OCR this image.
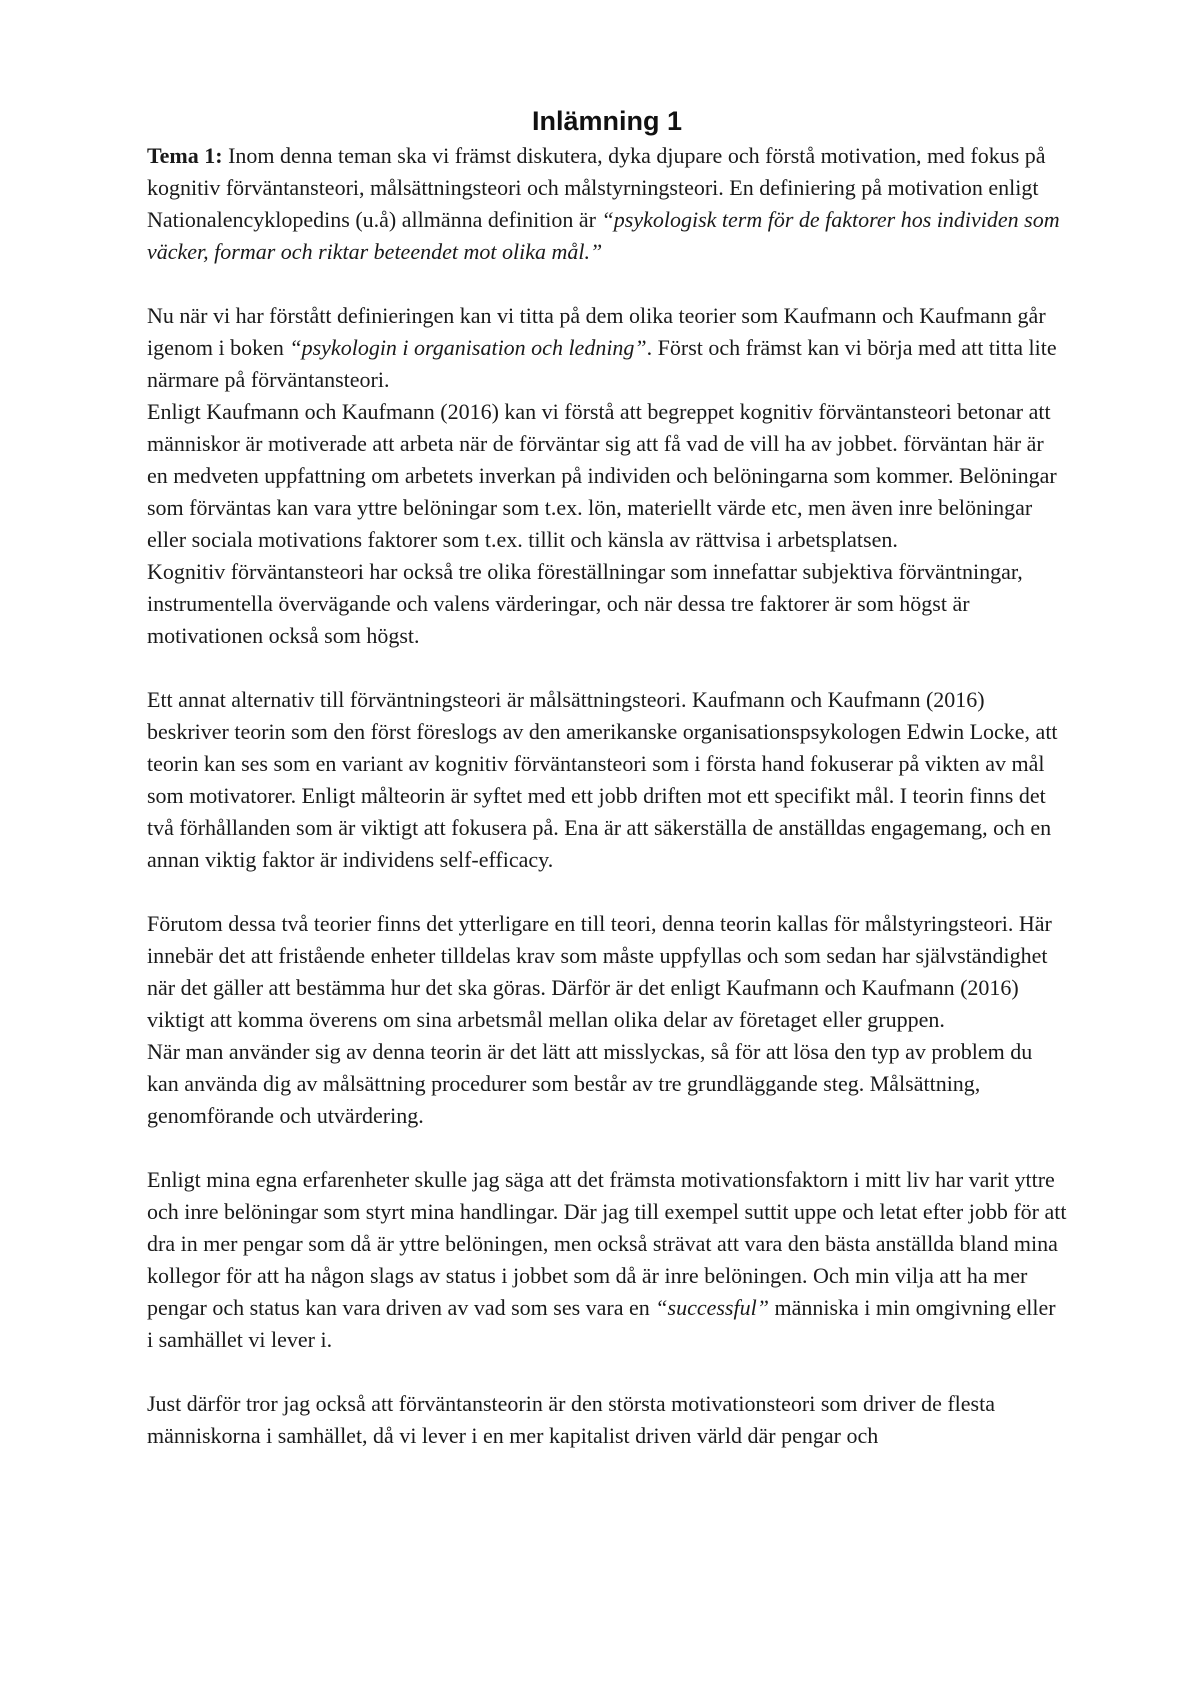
Inlämning 1

Tema 1: Inom denna teman ska vi främst diskutera, dyka djupare och förstå motivation, med fokus på kognitiv förväntansteori, målsättningsteori och målstyrningsteori. En definiering på motivation enligt Nationalencyklopedins (u.å) allmänna definition är “psykologisk term för de faktorer hos individen som väcker, formar och riktar beteendet mot olika mål.”

Nu när vi har förstått definieringen kan vi titta på dem olika teorier som Kaufmann och Kaufmann går igenom i boken “psykologin i organisation och ledning”. Först och främst kan vi börja med att titta lite närmare på förväntansteori.

Enligt Kaufmann och Kaufmann (2016) kan vi förstå att begreppet kognitiv förväntansteori betonar att människor är motiverade att arbeta när de förväntar sig att få vad de vill ha av jobbet. förväntan här är en medveten uppfattning om arbetets inverkan på individen och belöningarna som kommer. Belöningar som förväntas kan vara yttre belöningar som t.ex. lön, materiellt värde etc, men även inre belöningar eller sociala motivations faktorer som t.ex. tillit och känsla av rättvisa i arbetsplatsen.

Kognitiv förväntansteori har också tre olika föreställningar som innefattar subjektiva förväntningar, instrumentella övervägande och valens värderingar, och när dessa tre faktorer är som högst är motivationen också som högst.

Ett annat alternativ till förväntningsteori är målsättningsteori. Kaufmann och Kaufmann (2016) beskriver teorin som den först föreslogs av den amerikanske organisationspsykologen Edwin Locke, att teorin kan ses som en variant av kognitiv förväntansteori som i första hand fokuserar på vikten av mål som motivatorer. Enligt målteorin är syftet med ett jobb driften mot ett specifikt mål. I teorin finns det två förhållanden som är viktigt att fokusera på. Ena är att säkerställa de anställdas engagemang, och en annan viktig faktor är individens self-efficacy.

Förutom dessa två teorier finns det ytterligare en till teori, denna teorin kallas för målstyringsteori. Här innebär det att fristående enheter tilldelas krav som måste uppfyllas och som sedan har självständighet när det gäller att bestämma hur det ska göras. Därför är det enligt Kaufmann och Kaufmann (2016) viktigt att komma överens om sina arbetsmål mellan olika delar av företaget eller gruppen.

När man använder sig av denna teorin är det lätt att misslyckas, så för att lösa den typ av problem du kan använda dig av målsättning procedurer som består av tre grundläggande steg. Målsättning, genomförande och utvärdering.

Enligt mina egna erfarenheter skulle jag säga att det främsta motivationsfaktorn i mitt liv har varit yttre och inre belöningar som styrt mina handlingar. Där jag till exempel suttit uppe och letat efter jobb för att dra in mer pengar som då är yttre belöningen, men också strävat att vara den bästa anställda bland mina kollegor för att ha någon slags av status i jobbet som då är inre belöningen. Och min vilja att ha mer pengar och status kan vara driven av vad som ses vara en “successful” människa i min omgivning eller i samhället vi lever i.

Just därför tror jag också att förväntansteorin är den största motivationsteori som driver de flesta människorna i samhället, då vi lever i en mer kapitalist driven värld där pengar och
